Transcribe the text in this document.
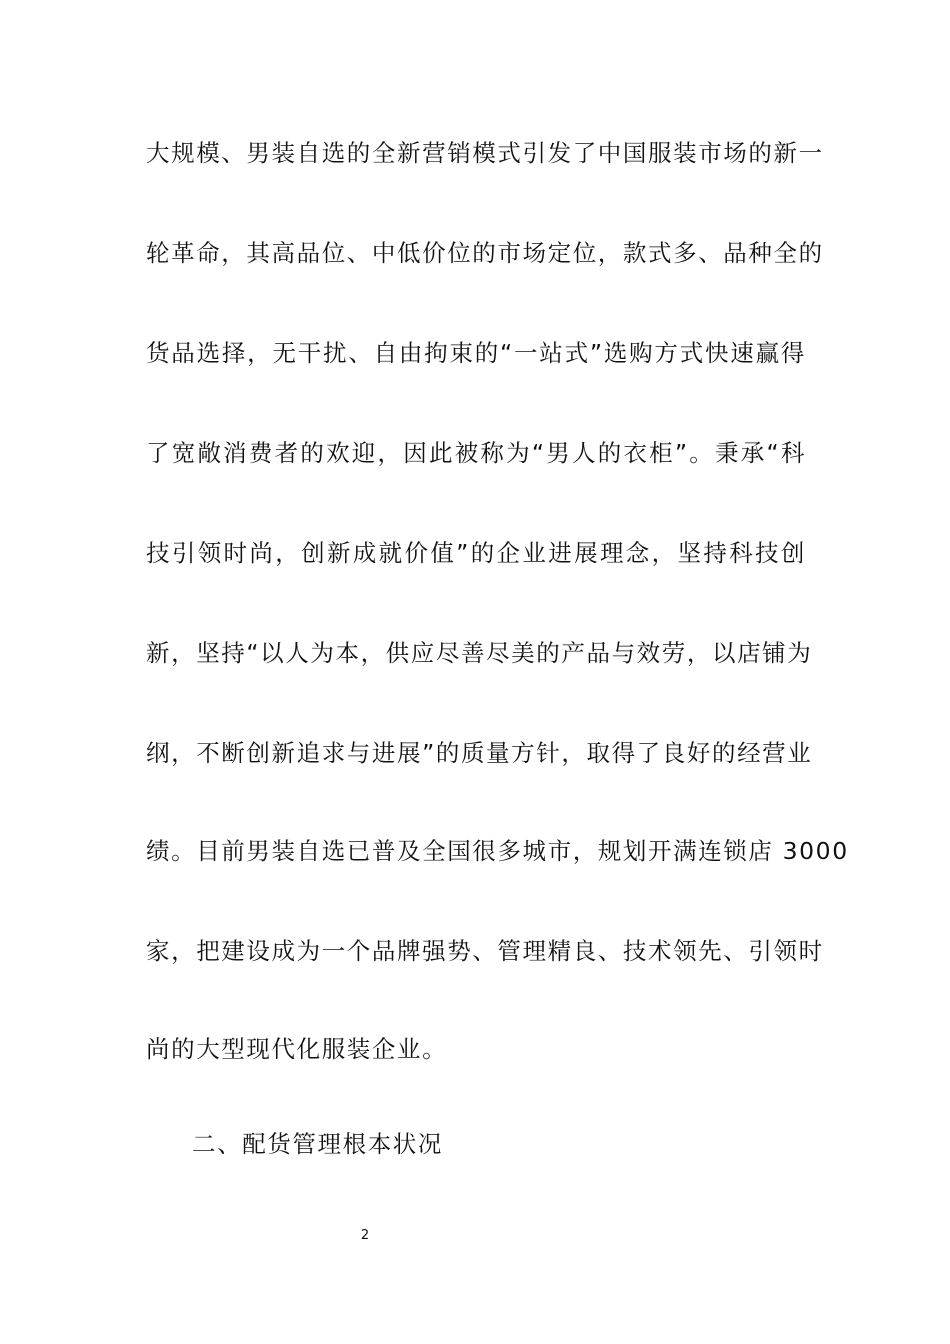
大规模、男装自选的全新营销模式引发了中国服装市场的新一
轮革命，其高品位、中低价位的市场定位，款式多、品种全的
货品选择，无干扰、自由拘束的“一站式”选购方式快速赢得
了宽敞消费者的欢迎，因此被称为“男人的衣柜”。秉承“科
技引领时尚，创新成就价值”的企业进展理念，坚持科技创
新，坚持“以人为本，供应尽善尽美的产品与效劳，以店铺为
纲，不断创新追求与进展”的质量方针，取得了良好的经营业
绩。目前男装自选已普及全国很多城市，规划开满连锁店 3000
家，把建设成为一个品牌强势、管理精良、技术领先、引领时
尚的大型现代化服装企业。
二、配货管理根本状况
2
